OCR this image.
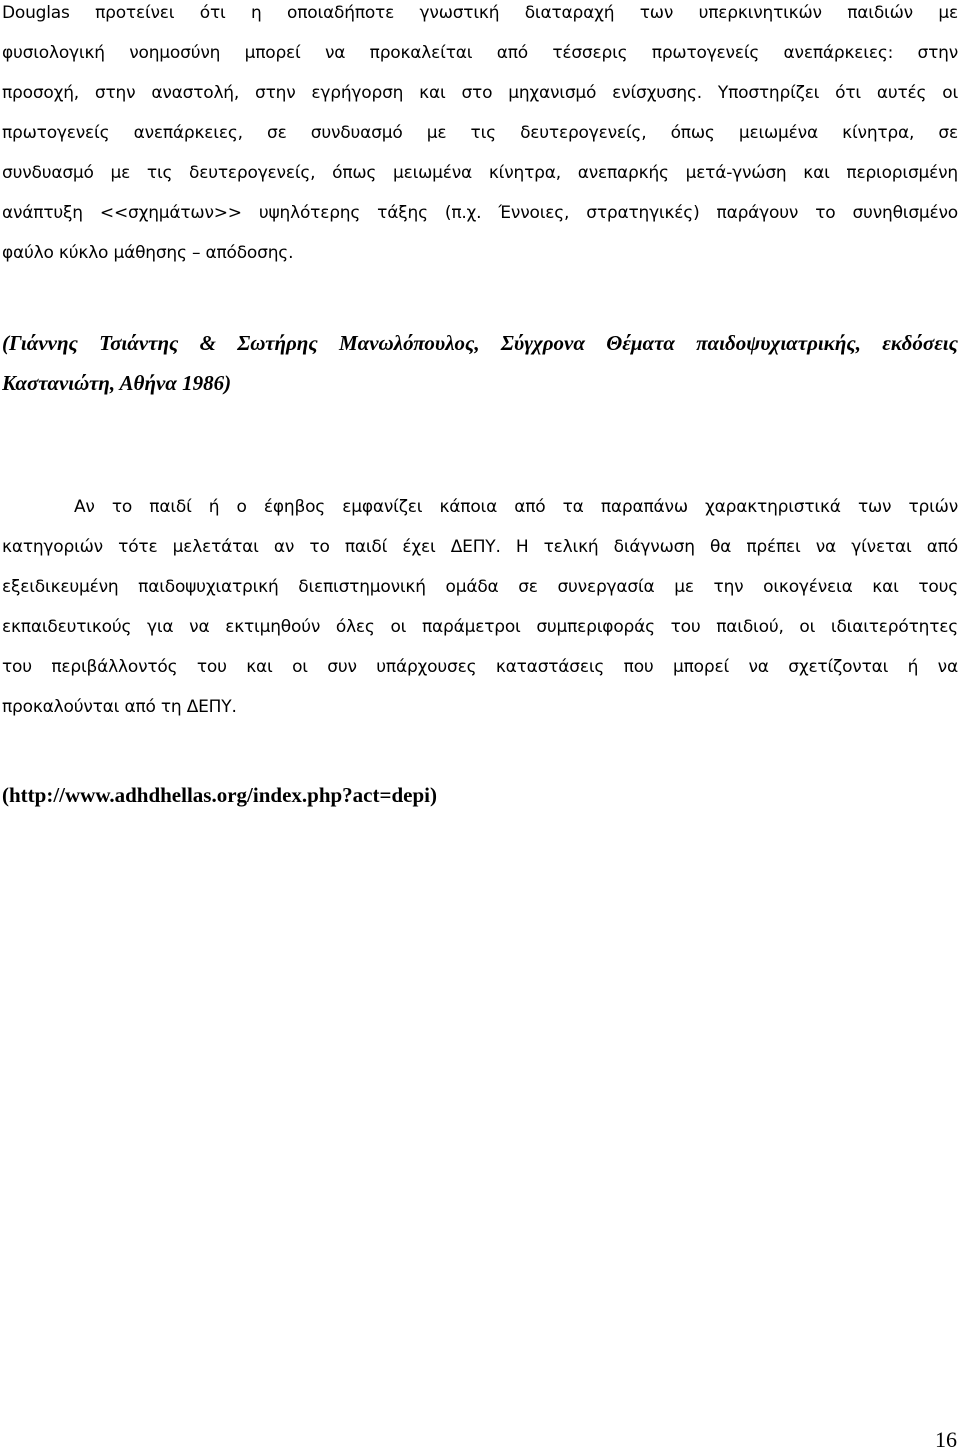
Douglas προτείνει ότι η οποιαδήποτε γνωστική διαταραχή των υπερκινητικών παιδιών με
φυσιολογική νοημοσύνη μπορεί να προκαλείται από τέσσερις πρωτογενείς ανεπάρκειες: στην
προσοχή, στην αναστολή, στην εγρήγορση και στο μηχανισμό ενίσχυσης. Υποστηρίζει ότι αυτές οι
πρωτογενείς ανεπάρκειες, σε συνδυασμό με τις δευτερογενείς, όπως μειωμένα κίνητρα, σε
συνδυασμό με τις δευτερογενείς, όπως μειωμένα κίνητρα, ανεπαρκής μετά-γνώση και περιορισμένη
ανάπτυξη <<σχημάτων>> υψηλότερης τάξης (π.χ. Έννοιες, στρατηγικές) παράγουν το συνηθισμένο
φαύλο κύκλο μάθησης – απόδοσης.
(Γιάννης Τσιάντης & Σωτήρης Μανωλόπουλος, Σύγχρονα Θέματα παιδοψυχιατρικής, εκδόσεις
Καστανιώτη, Αθήνα 1986)
Αν το παιδί ή ο έφηβος εμφανίζει κάποια από τα παραπάνω χαρακτηριστικά των τριών
κατηγοριών τότε μελετάται αν το παιδί έχει ΔΕΠΥ. Η τελική διάγνωση θα πρέπει να γίνεται από
εξειδικευμένη παιδοψυχιατρική διεπιστημονική ομάδα σε συνεργασία με την οικογένεια και τους
εκπαιδευτικούς για να εκτιμηθούν όλες οι παράμετροι συμπεριφοράς του παιδιού, οι ιδιαιτερότητες
του περιβάλλοντός του και οι συν υπάρχουσες καταστάσεις που μπορεί να σχετίζονται ή να
προκαλούνται από τη ΔΕΠΥ.
(http://www.adhdhellas.org/index.php?act=depi)
16
